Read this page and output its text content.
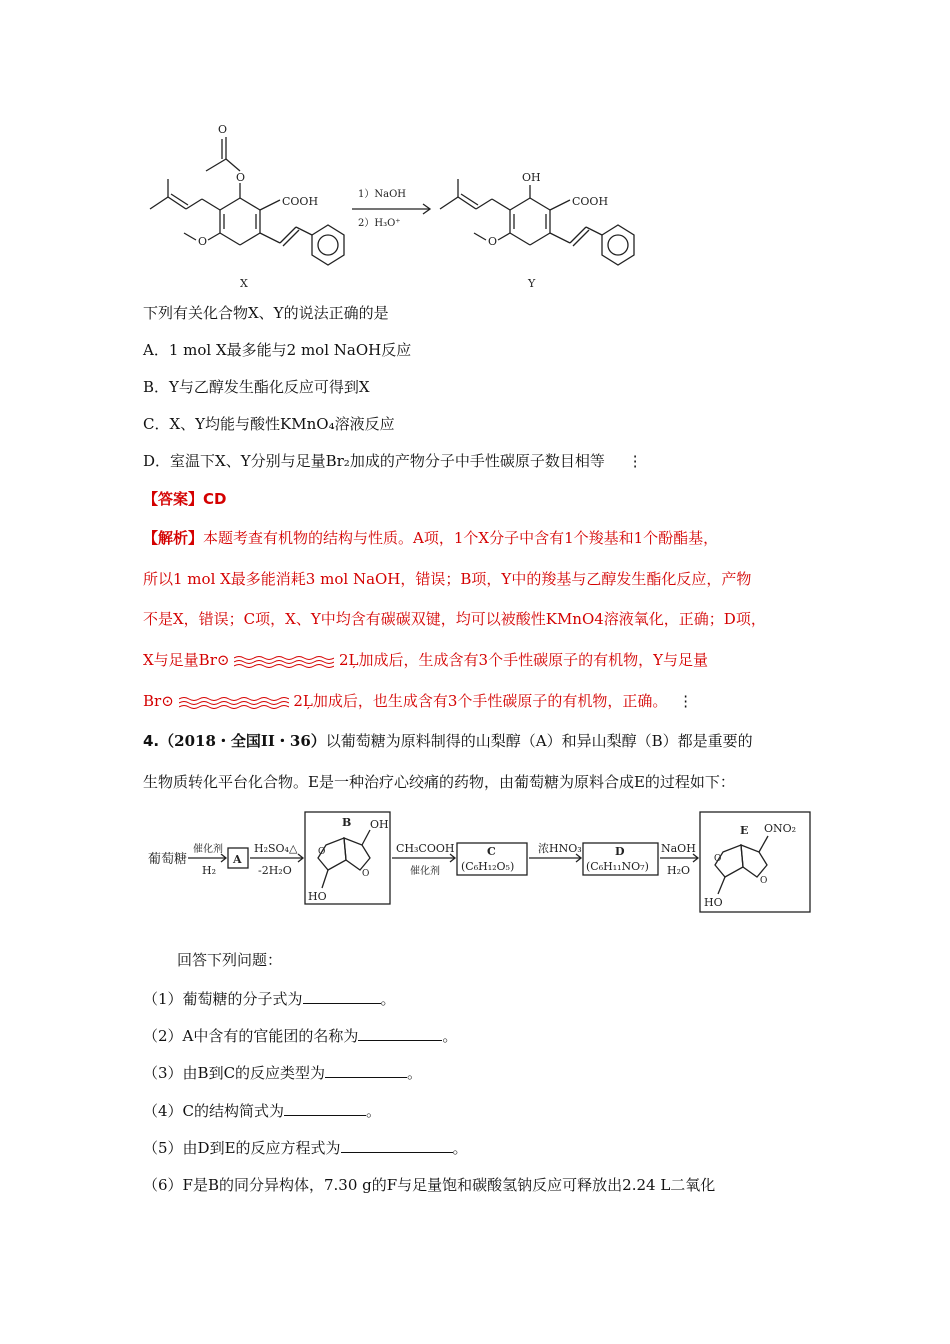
O
O
O
COOH
1）NaOH
2）H₃O⁺
OH
O
COOH
X	Y
下列有关化合物X、Y的说法正确的是
A．1 mol X最多能与2 mol NaOH反应
B．Y与乙醇发生酯化反应可得到X
C．X、Y均能与酸性KMnO₄溶液反应
D．室温下X、Y分别与足量Br₂加成的产物分子中手性碳原子数目相等 ⋮
【答案】CD
【解析】本题考查有机物的结构与性质。A项，1个X分子中含有1个羧基和1个酚酯基，
所以1 mol X最多能消耗3 mol NaOH，错误；B项，Y中的羧基与乙醇发生酯化反应，产物
不是X，错误；C项，X、Y中均含有碳碳双键，均可以被酸性KMnO4溶液氧化，正确；D项，
X与足量Br⊙	2Ļ加成后，生成含有3个手性碳原子的有机物，Y与足量
Br⊙	2Ļ加成后，也生成含有3个手性碳原子的有机物，正确。 ⋮
4.（2018・全国II・36）以葡萄糖为原料制得的山梨醇（A）和异山梨醇（B）都是重要的
生物质转化平台化合物。E是一种治疗心绞痛的药物，由葡萄糖为原料合成E的过程如下：
葡萄糖
催化剂
H₂
A
H₂SO₄△
-2H₂O
B OH
HO
O
O
CH₃COOH
催化剂
C
(C₆H₁₂O₅)
浓HNO₃	D
(C₆H₁₁NO₇)
NaOH
H₂O
E ONO₂
HO
O
O
回答下列问题：
（1）葡萄糖的分子式为	。
（2）A中含有的官能团的名称为	。
（3）由B到C的反应类型为	。
（4）C的结构简式为	。
（5）由D到E的反应方程式为	。
（6）F是B的同分异构体，7.30 g的F与足量饱和碳酸氢钠反应可释放出2.24 L二氧化
